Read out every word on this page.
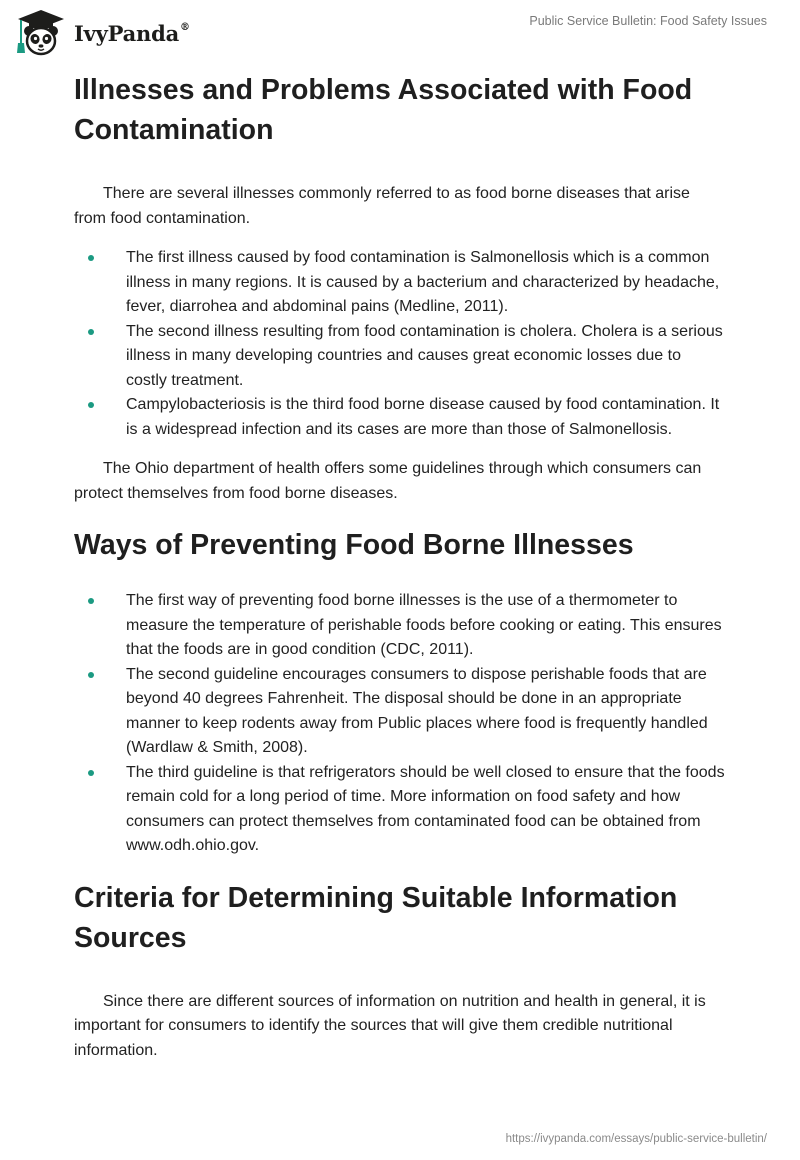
IvyPanda®	Public Service Bulletin: Food Safety Issues
Illnesses and Problems Associated with Food Contamination

There are several illnesses commonly referred to as food borne diseases that arise from food contamination.

The first illness caused by food contamination is Salmonellosis which is a common illness in many regions. It is caused by a bacterium and characterized by headache, fever, diarrohea and abdominal pains (Medline, 2011).
The second illness resulting from food contamination is cholera. Cholera is a serious illness in many developing countries and causes great economic losses due to costly treatment.
Campylobacteriosis is the third food borne disease caused by food contamination. It is a widespread infection and its cases are more than those of Salmonellosis.

The Ohio department of health offers some guidelines through which consumers can protect themselves from food borne diseases.

Ways of Preventing Food Borne Illnesses
The first way of preventing food borne illnesses is the use of a thermometer to measure the temperature of perishable foods before cooking or eating. This ensures that the foods are in good condition (CDC, 2011).
The second guideline encourages consumers to dispose perishable foods that are beyond 40 degrees Fahrenheit. The disposal should be done in an appropriate manner to keep rodents away from Public places where food is frequently handled (Wardlaw & Smith, 2008).
The third guideline is that refrigerators should be well closed to ensure that the foods remain cold for a long period of time. More information on food safety and how consumers can protect themselves from contaminated food can be obtained from www.odh.ohio.gov.
Criteria for Determining Suitable Information Sources

Since there are different sources of information on nutrition and health in general, it is important for consumers to identify the sources that will give them credible nutritional information.

https://ivypanda.com/essays/public-service-bulletin/
